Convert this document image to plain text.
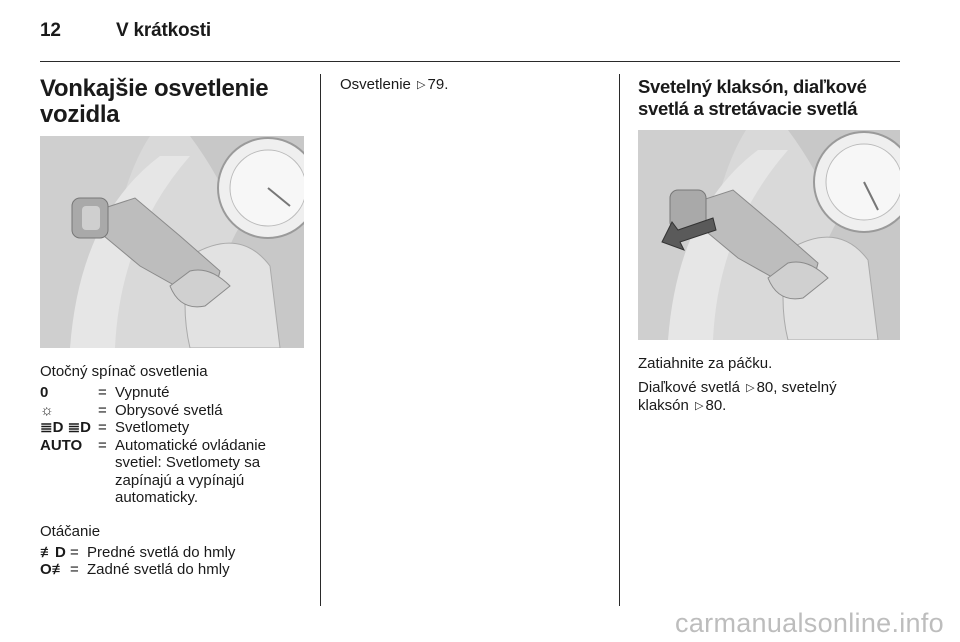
12	V krátkosti
Vonkajšie osvetlenie vozidla

Otočný spínač osvetlenia

0	= Vypnuté
☼	= Obrysové svetlá
≣D ≣D = Svetlomety
AUTO	= Automatické ovládanie svetiel: Svetlomety sa zapínajú a vypínajú automaticky.

Otáčanie

≢D = Predné svetlá do hmly
O≢ = Zadné svetlá do hmly

Osvetlenie ▷ 79.	Svetelný klaksón, diaľkové svetlá a stretávacie svetlá

Zatiahnite za páčku.

Diaľkové svetlá ▷ 80, svetelný
klaksón ▷ 80.

carmanualsonline.info
